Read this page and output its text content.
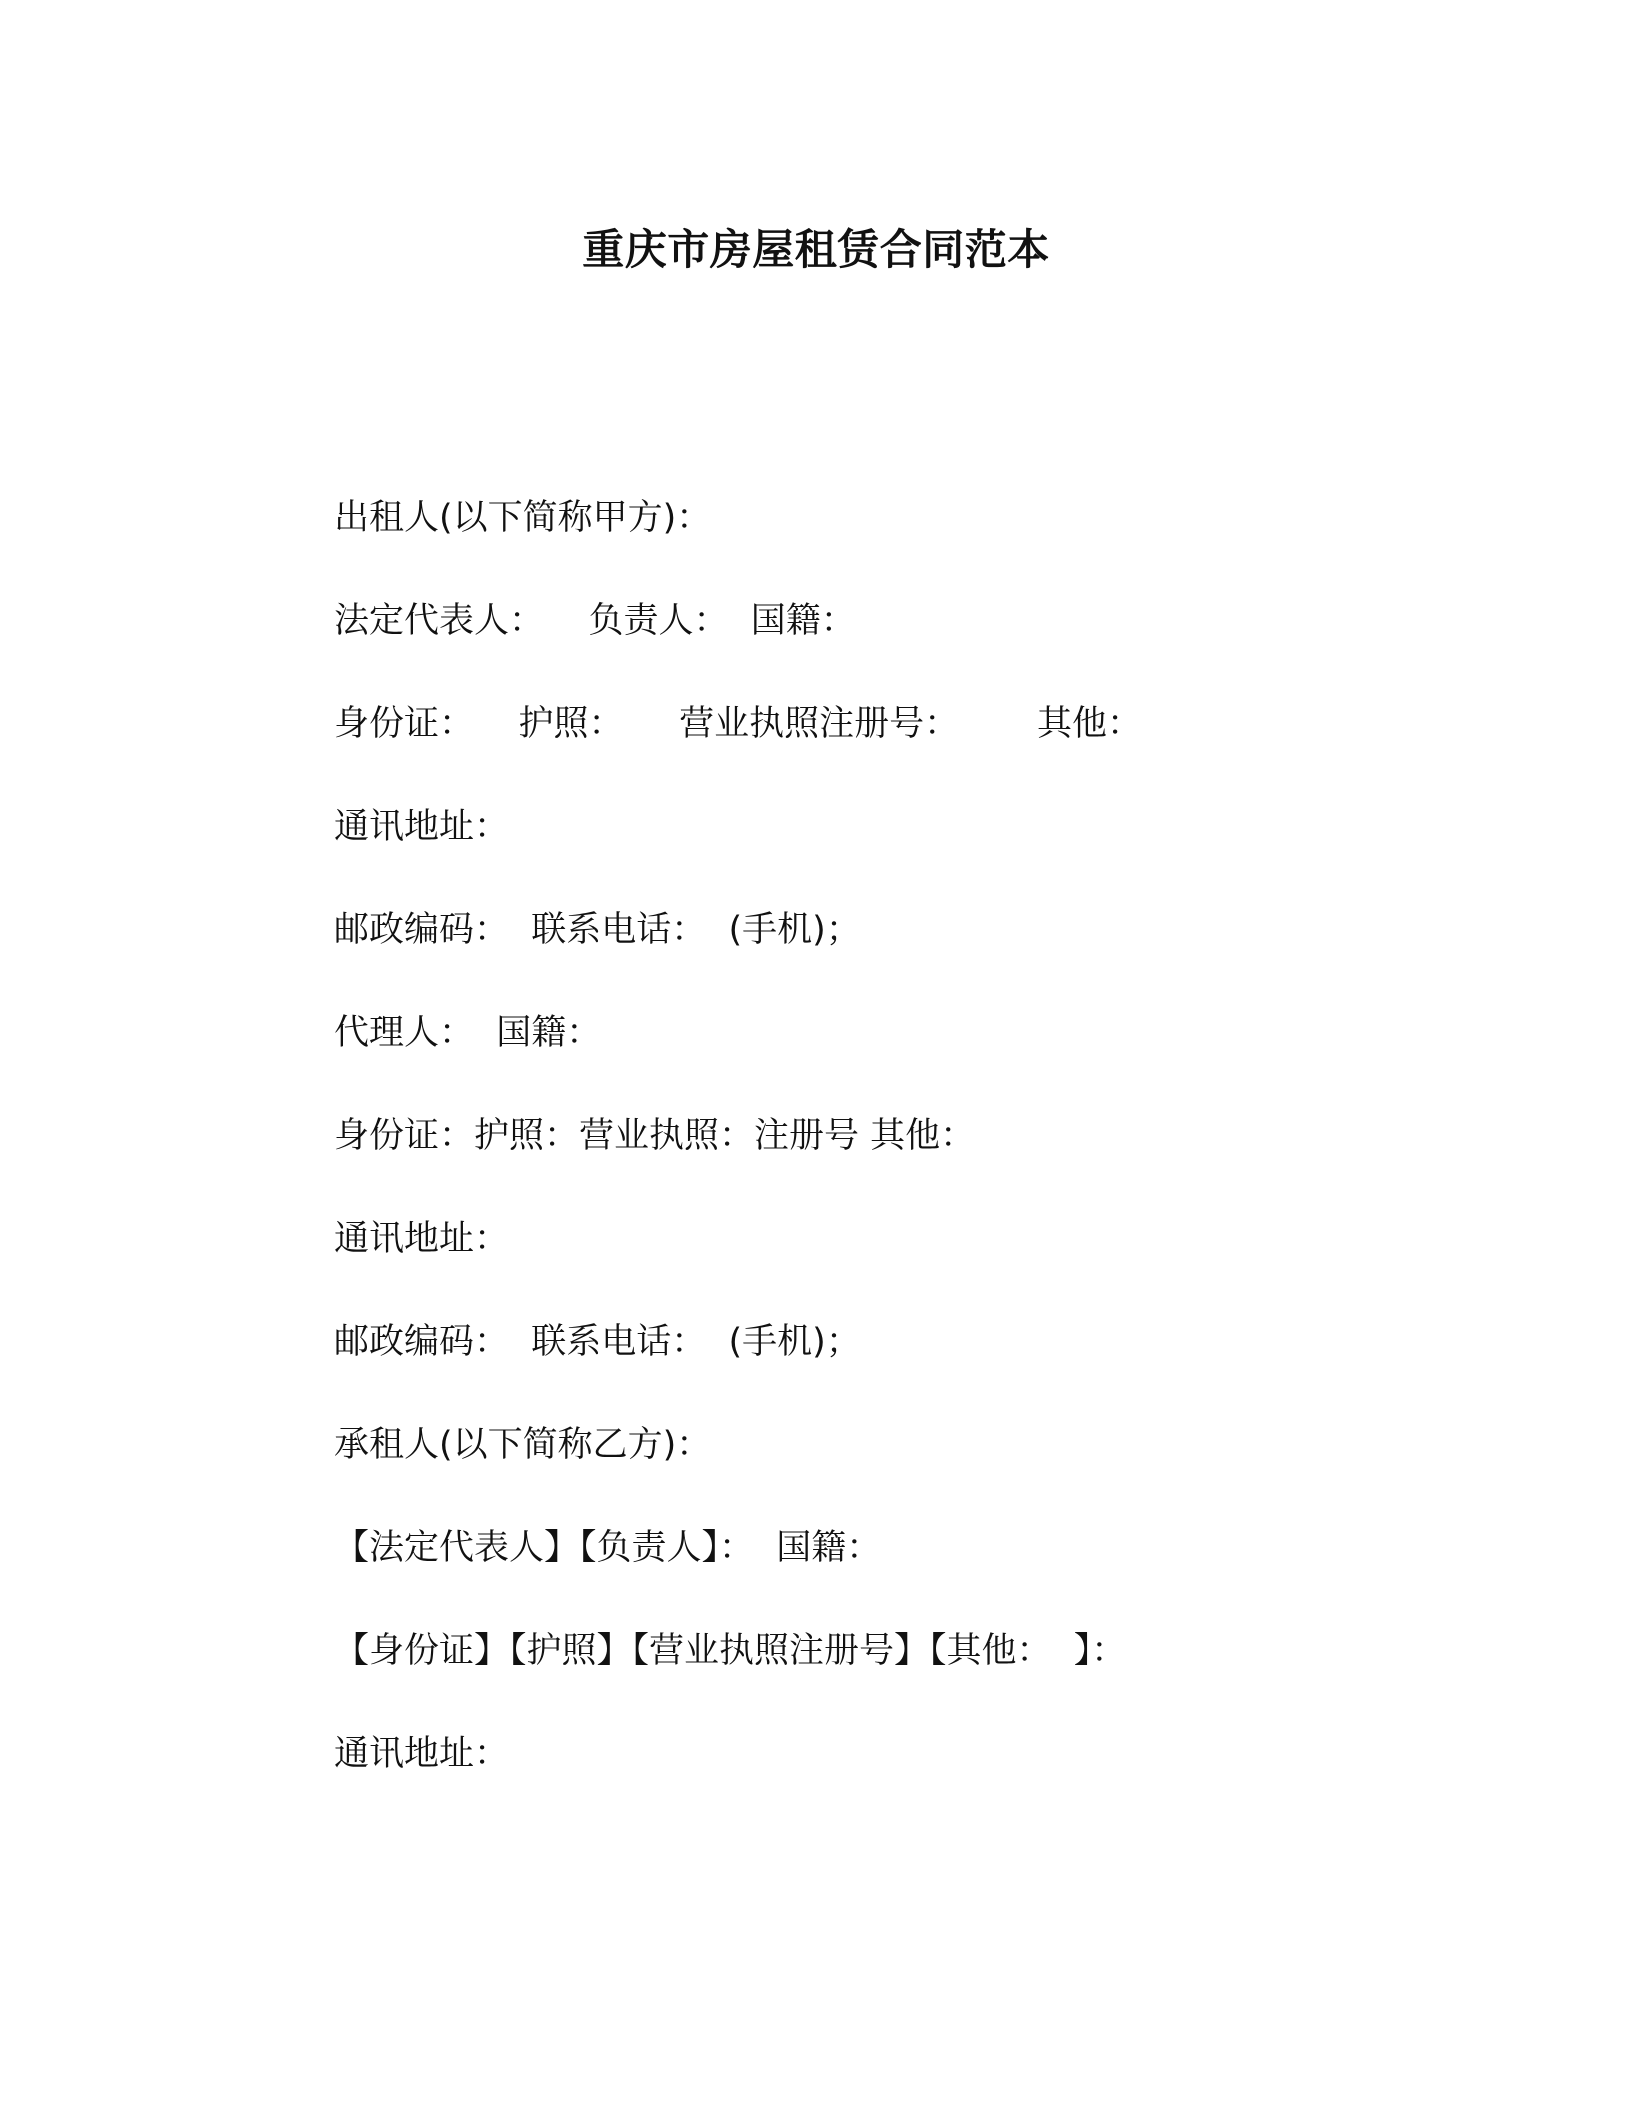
重庆市房屋租赁合同范本
出租人(以下简称甲方)：
法定代表人：    负责人：  国籍：
身份证：    护照：     营业执照注册号：       其他：
通讯地址：
邮政编码：  联系电话：  (手机)；
代理人：  国籍：
身份证：护照：营业执照：注册号 其他：
通讯地址：
邮政编码：  联系电话：  (手机)；
承租人(以下简称乙方)：
【法定代表人】【负责人】：  国籍：
【身份证】【护照】【营业执照注册号】【其他：  】：
通讯地址：
